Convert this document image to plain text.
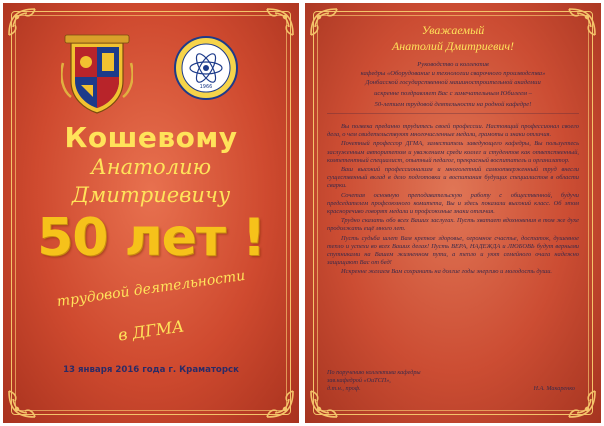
1966
Кошевому
Анатолию
Дмитриевичу
50 лет !
трудовой деятельности
в ДГМА
13 января 2016 года г. Краматорск
Уважаемый
Анатолий Дмитриевич!
Руководство и коллектив
кафедры «Оборудование и технологии сварочного производства»
Донбасской государственной машиностроительной академии
искренне поздравляет Вас с замечательным Юбилеем –
50-летием трудовой деятельности на родной кафедре!

Вы полвека преданно трудитесь своей профессии. Настоящий профессионал своего дела, о чем свидетельствуют многочисленные медали, грамоты и знаки отличия.

Почетный профессор ДГМА, заместитель заведующего кафедры, Вы пользуетесь заслуженным авторитетом и уважением среди коллег и студентов как ответственный, компетентный специалист, опытный педагог, прекрасный воспитатель и организатор.

Ваш высокий профессионализм и многолетний самоотверженный труд внесли существенный вклад в дело подготовки и воспитания будущих специалистов в области сварки.

Сочетая основную преподавательскую работу с общественной, будучи председателем профсоюзного комитета, Вы и здесь показали высокий класс. Об этом красноречиво говорят медали и профсоюзные знаки отличия.

Трудно сказать обо всех Ваших заслугах. Пусть хватает вдохновения в том же духе продолжать ещё много лет.

Пусть судьба шлет Вам крепкое здоровье, огромное счастье, достаток, душевное тепло и успехи во всех Ваших делах! Пусть ВЕРА, НАДЕЖДА и ЛЮБОВЬ будут верными спутниками на Вашем жизненном пути, а тепло и уют семейного очага надежно защищают Вас от бед!

Искренне желаем Вам сохранить на долгие годы энергию и молодость души.

По поручению коллектива кафедры
зав.кафедрой «ОиТСП»,
д.т.н., проф.	Н.А. Макаренко
